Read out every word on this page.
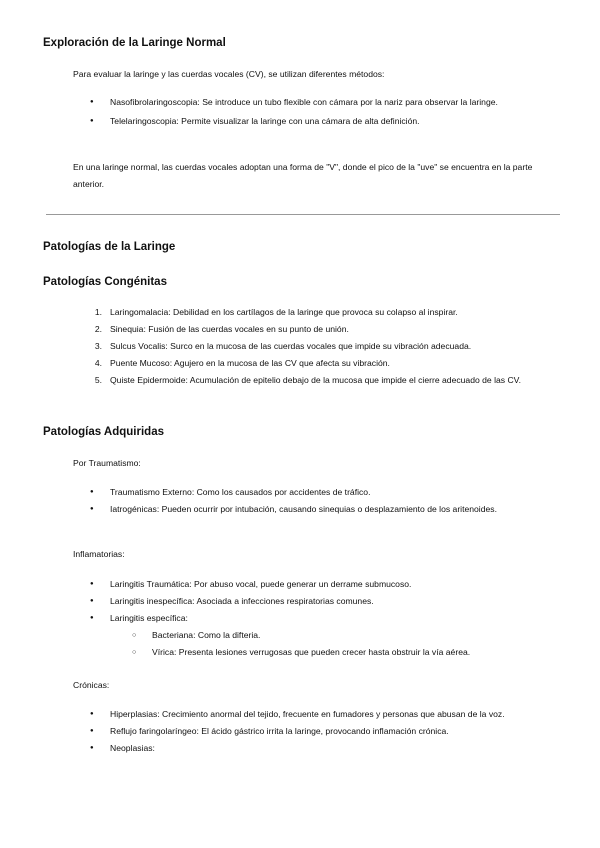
Exploración de la Laringe Normal

Para evaluar la laringe y las cuerdas vocales (CV), se utilizan diferentes métodos:

● Nasofibrolaringoscopia: Se introduce un tubo flexible con cámara por la nariz para observar la laringe.
● Telelaringoscopia: Permite visualizar la laringe con una cámara de alta definición.

En una laringe normal, las cuerdas vocales adoptan una forma de "V", donde el pico de la "uve" se encuentra en la parte anterior.

Patologías de la Laringe
Patologías Congénitas
1. Laringomalacia: Debilidad en los cartílagos de la laringe que provoca su colapso al inspirar.
2. Sinequia: Fusión de las cuerdas vocales en su punto de unión.
3. Sulcus Vocalis: Surco en la mucosa de las cuerdas vocales que impide su vibración adecuada.
4. Puente Mucoso: Agujero en la mucosa de las CV que afecta su vibración.
5. Quiste Epidermoide: Acumulación de epitelio debajo de la mucosa que impide el cierre adecuado de las CV.
Patologías Adquiridas

Por Traumatismo:

● Traumatismo Externo: Como los causados por accidentes de tráfico.
● Iatrogénicas: Pueden ocurrir por intubación, causando sinequias o desplazamiento de los aritenoides.

Inflamatorias:

● Laringitis Traumática: Por abuso vocal, puede generar un derrame submucoso.
● Laringitis inespecífica: Asociada a infecciones respiratorias comunes.
● Laringitis específica:
○ Bacteriana: Como la difteria.
○ Vírica: Presenta lesiones verrugosas que pueden crecer hasta obstruir la vía aérea.

Crónicas:

● Hiperplasias: Crecimiento anormal del tejido, frecuente en fumadores y personas que abusan de la voz.
● Reflujo faringolaríngeo: El ácido gástrico irrita la laringe, provocando inflamación crónica.
● Neoplasias:
